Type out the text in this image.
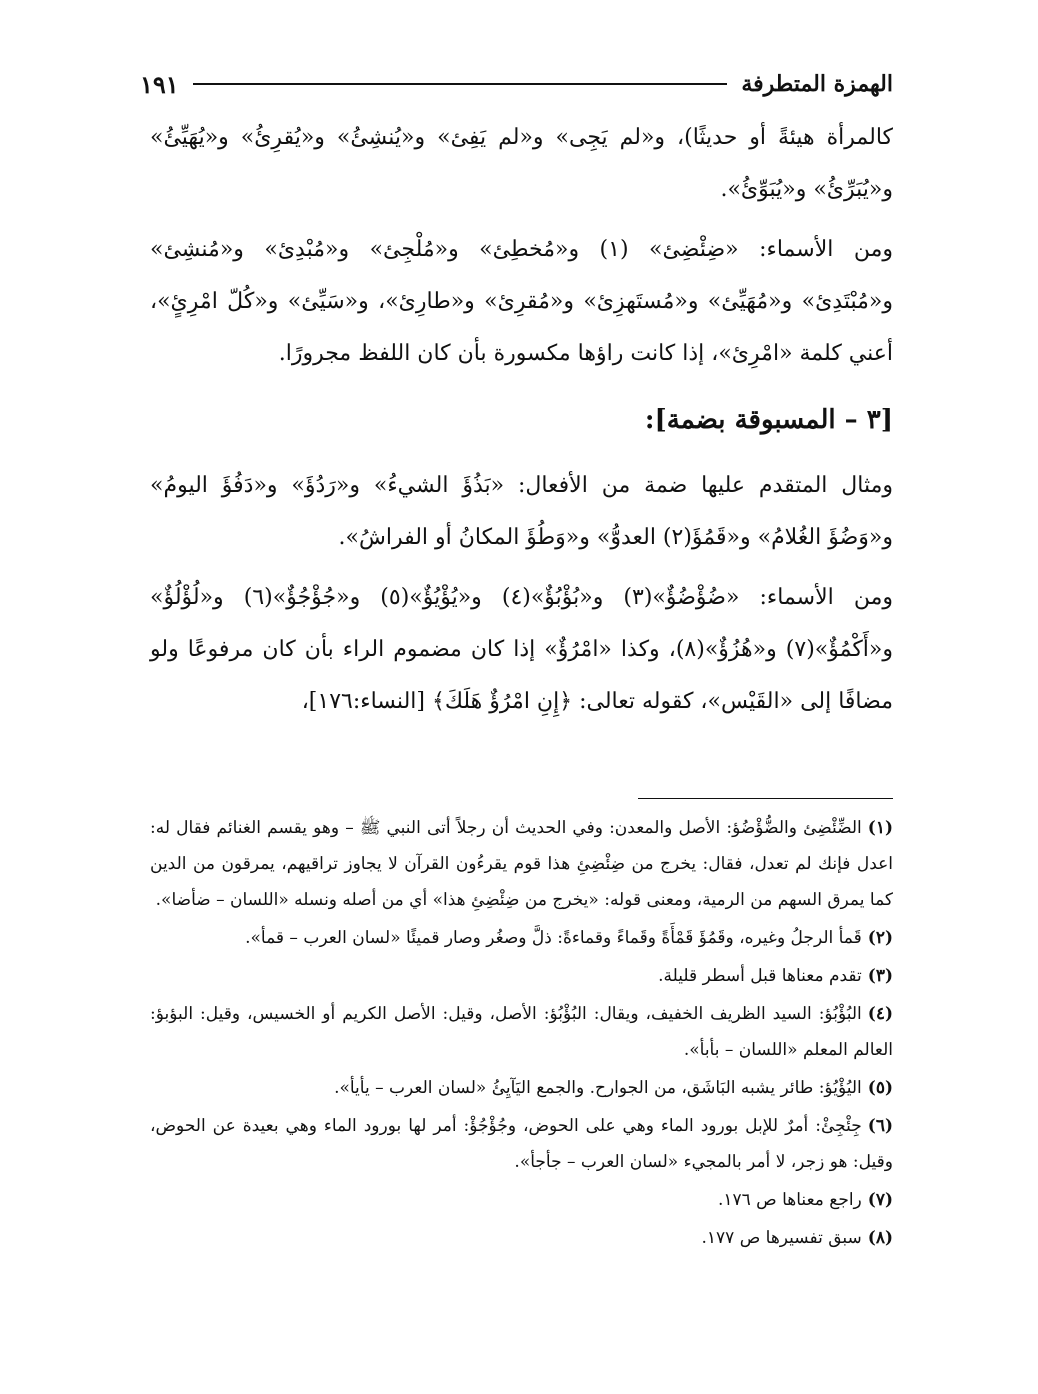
الهمزة المتطرفة
١٩١

كالمرأة هيئةً أو حديثًا)، و«لم يَجِى» و«لم يَفِئ» و«يُنشِئُ» و«يُقرِئُ» و«يُهَيِّئُ» و«يُبَرِّئُ» و«يُبَوِّئُ».

ومن الأسماء: «ضِئْضِئ» (١) و«مُخطِئ» و«مُلْجِئ» و«مُبْدِئ» و«مُنشِئ» و«مُبْتَدِئ» و«مُهَيِّئ» و«مُستَهزِئ» و«مُقرِئ» و«طارِئ»، و«سَيِّئ» و«كُلّ امْرِئٍ»، أعني كلمة «امْرِئ»، إذا كانت راؤها مكسورة بأن كان اللفظ مجرورًا.

[٣ – المسبوقة بضمة]:

ومثال المتقدم عليها ضمة من الأفعال: «بَذُؤَ الشيءُ» و«رَدُؤَ» و«دَفُؤَ اليومُ» و«وَضُؤَ الغُلامُ» و«قَمُؤَ(٢) العدوُّ» و«وَطُؤَ المكانُ أو الفراشُ».

ومن الأسماء: «ضُؤْضُؤٌ»(٣) و«بُؤْبُؤٌ»(٤) و«يُؤْيُؤٌ»(٥) و«جُؤْجُؤٌ»(٦) و«لُؤْلُؤٌ» و«أَكْمُؤٌ»(٧) و«هُزُؤٌ»(٨)، وكذا «امْرُؤٌ» إذا كان مضموم الراء بأن كان مرفوعًا ولو مضافًا إلى «القَيْس»، كقوله تعالى: ﴿إِنِ امْرُؤٌ هَلَكَ﴾ [النساء:١٧٦]،

(١)الضِّئْضِئ والضُّؤْضُؤ: الأصل والمعدن: وفي الحديث أن رجلاً أتى النبي ﷺ – وهو يقسم الغنائم فقال له: اعدل فإنك لم تعدل، فقال: يخرج من ضِئْضِئِ هذا قوم يقرءُون القرآن لا يجاوز تراقيهم، يمرقون من الدين كما يمرق السهم من الرمية، ومعنى قوله: «يخرج من ضِئْضِئِ هذا» أي من أصله ونسله «اللسان – ضأضا».
(٢)قَمأ الرجلُ وغيره، وقَمُؤَ قَمْأَةً وقَماءً وقماءةً: ذلَّ وصغُر وصار قميئًا «لسان العرب – قمأ».
(٣)تقدم معناها قبل أسطر قليلة.
(٤)البُؤْبُؤ: السيد الظريف الخفيف، ويقال: البُؤْبُؤ: الأصل، وقيل: الأصل الكريم أو الخسيس، وقيل: البؤبؤ: العالم المعلم «اللسان – بأبأ».
(٥)اليُؤْيُؤ: طائر يشبه البَاشَق، من الجوارح. والجمع اليَآيِئُ «لسان العرب – يأيأ».
(٦)جِئْجِئْ: أمرٌ للإبل بورود الماء وهي على الحوض، وجُؤْجُؤْ: أمر لها بورود الماء وهي بعيدة عن الحوض، وقيل: هو زجر، لا أمر بالمجيء «لسان العرب – جأجأ».
(٧)راجع معناها ص ١٧٦.
(٨)سبق تفسيرها ص ١٧٧.
